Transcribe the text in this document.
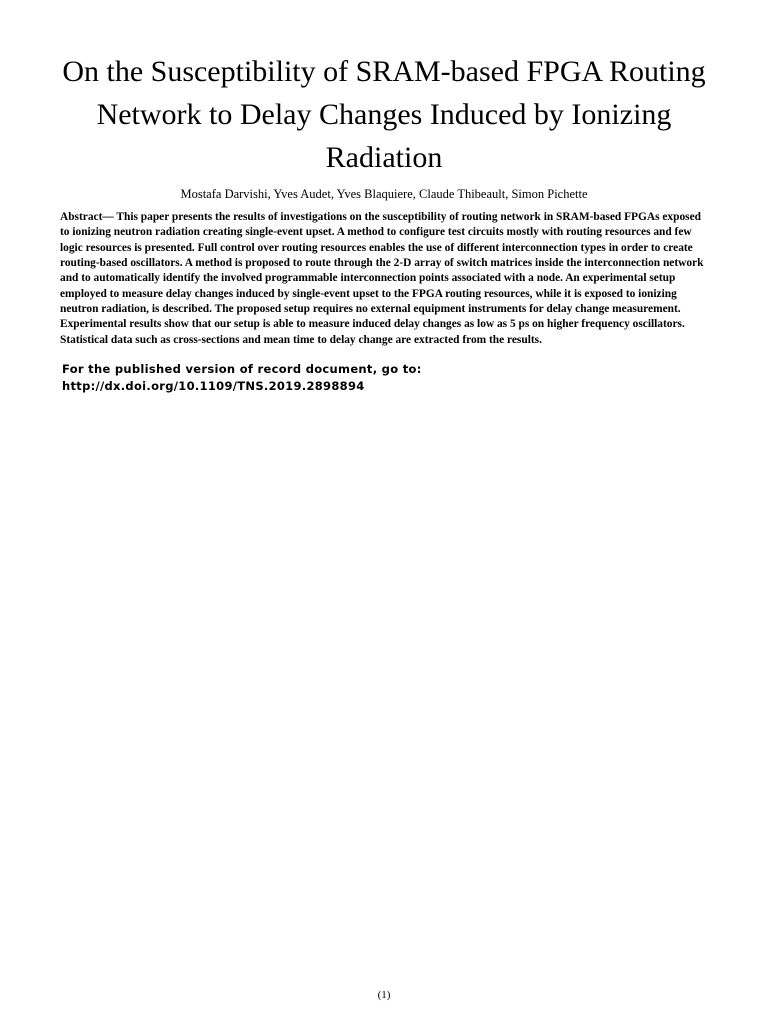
On the Susceptibility of SRAM-based FPGA Routing Network to Delay Changes Induced by Ionizing Radiation
Mostafa Darvishi, Yves Audet, Yves Blaquiere, Claude Thibeault, Simon Pichette

Abstract— This paper presents the results of investigations on the susceptibility of routing network in SRAM-based FPGAs exposed to ionizing neutron radiation creating single-event upset. A method to configure test circuits mostly with routing resources and few logic resources is presented. Full control over routing resources enables the use of different interconnection types in order to create routing-based oscillators. A method is proposed to route through the 2-D array of switch matrices inside the interconnection network and to automatically identify the involved programmable interconnection points associated with a node. An experimental setup employed to measure delay changes induced by single-event upset to the FPGA routing resources, while it is exposed to ionizing neutron radiation, is described. The proposed setup requires no external equipment instruments for delay change measurement. Experimental results show that our setup is able to measure induced delay changes as low as 5 ps on higher frequency oscillators. Statistical data such as cross-sections and mean time to delay change are extracted from the results.

For the published version of record document, go to:
http://dx.doi.org/10.1109/TNS.2019.2898894
(1)
